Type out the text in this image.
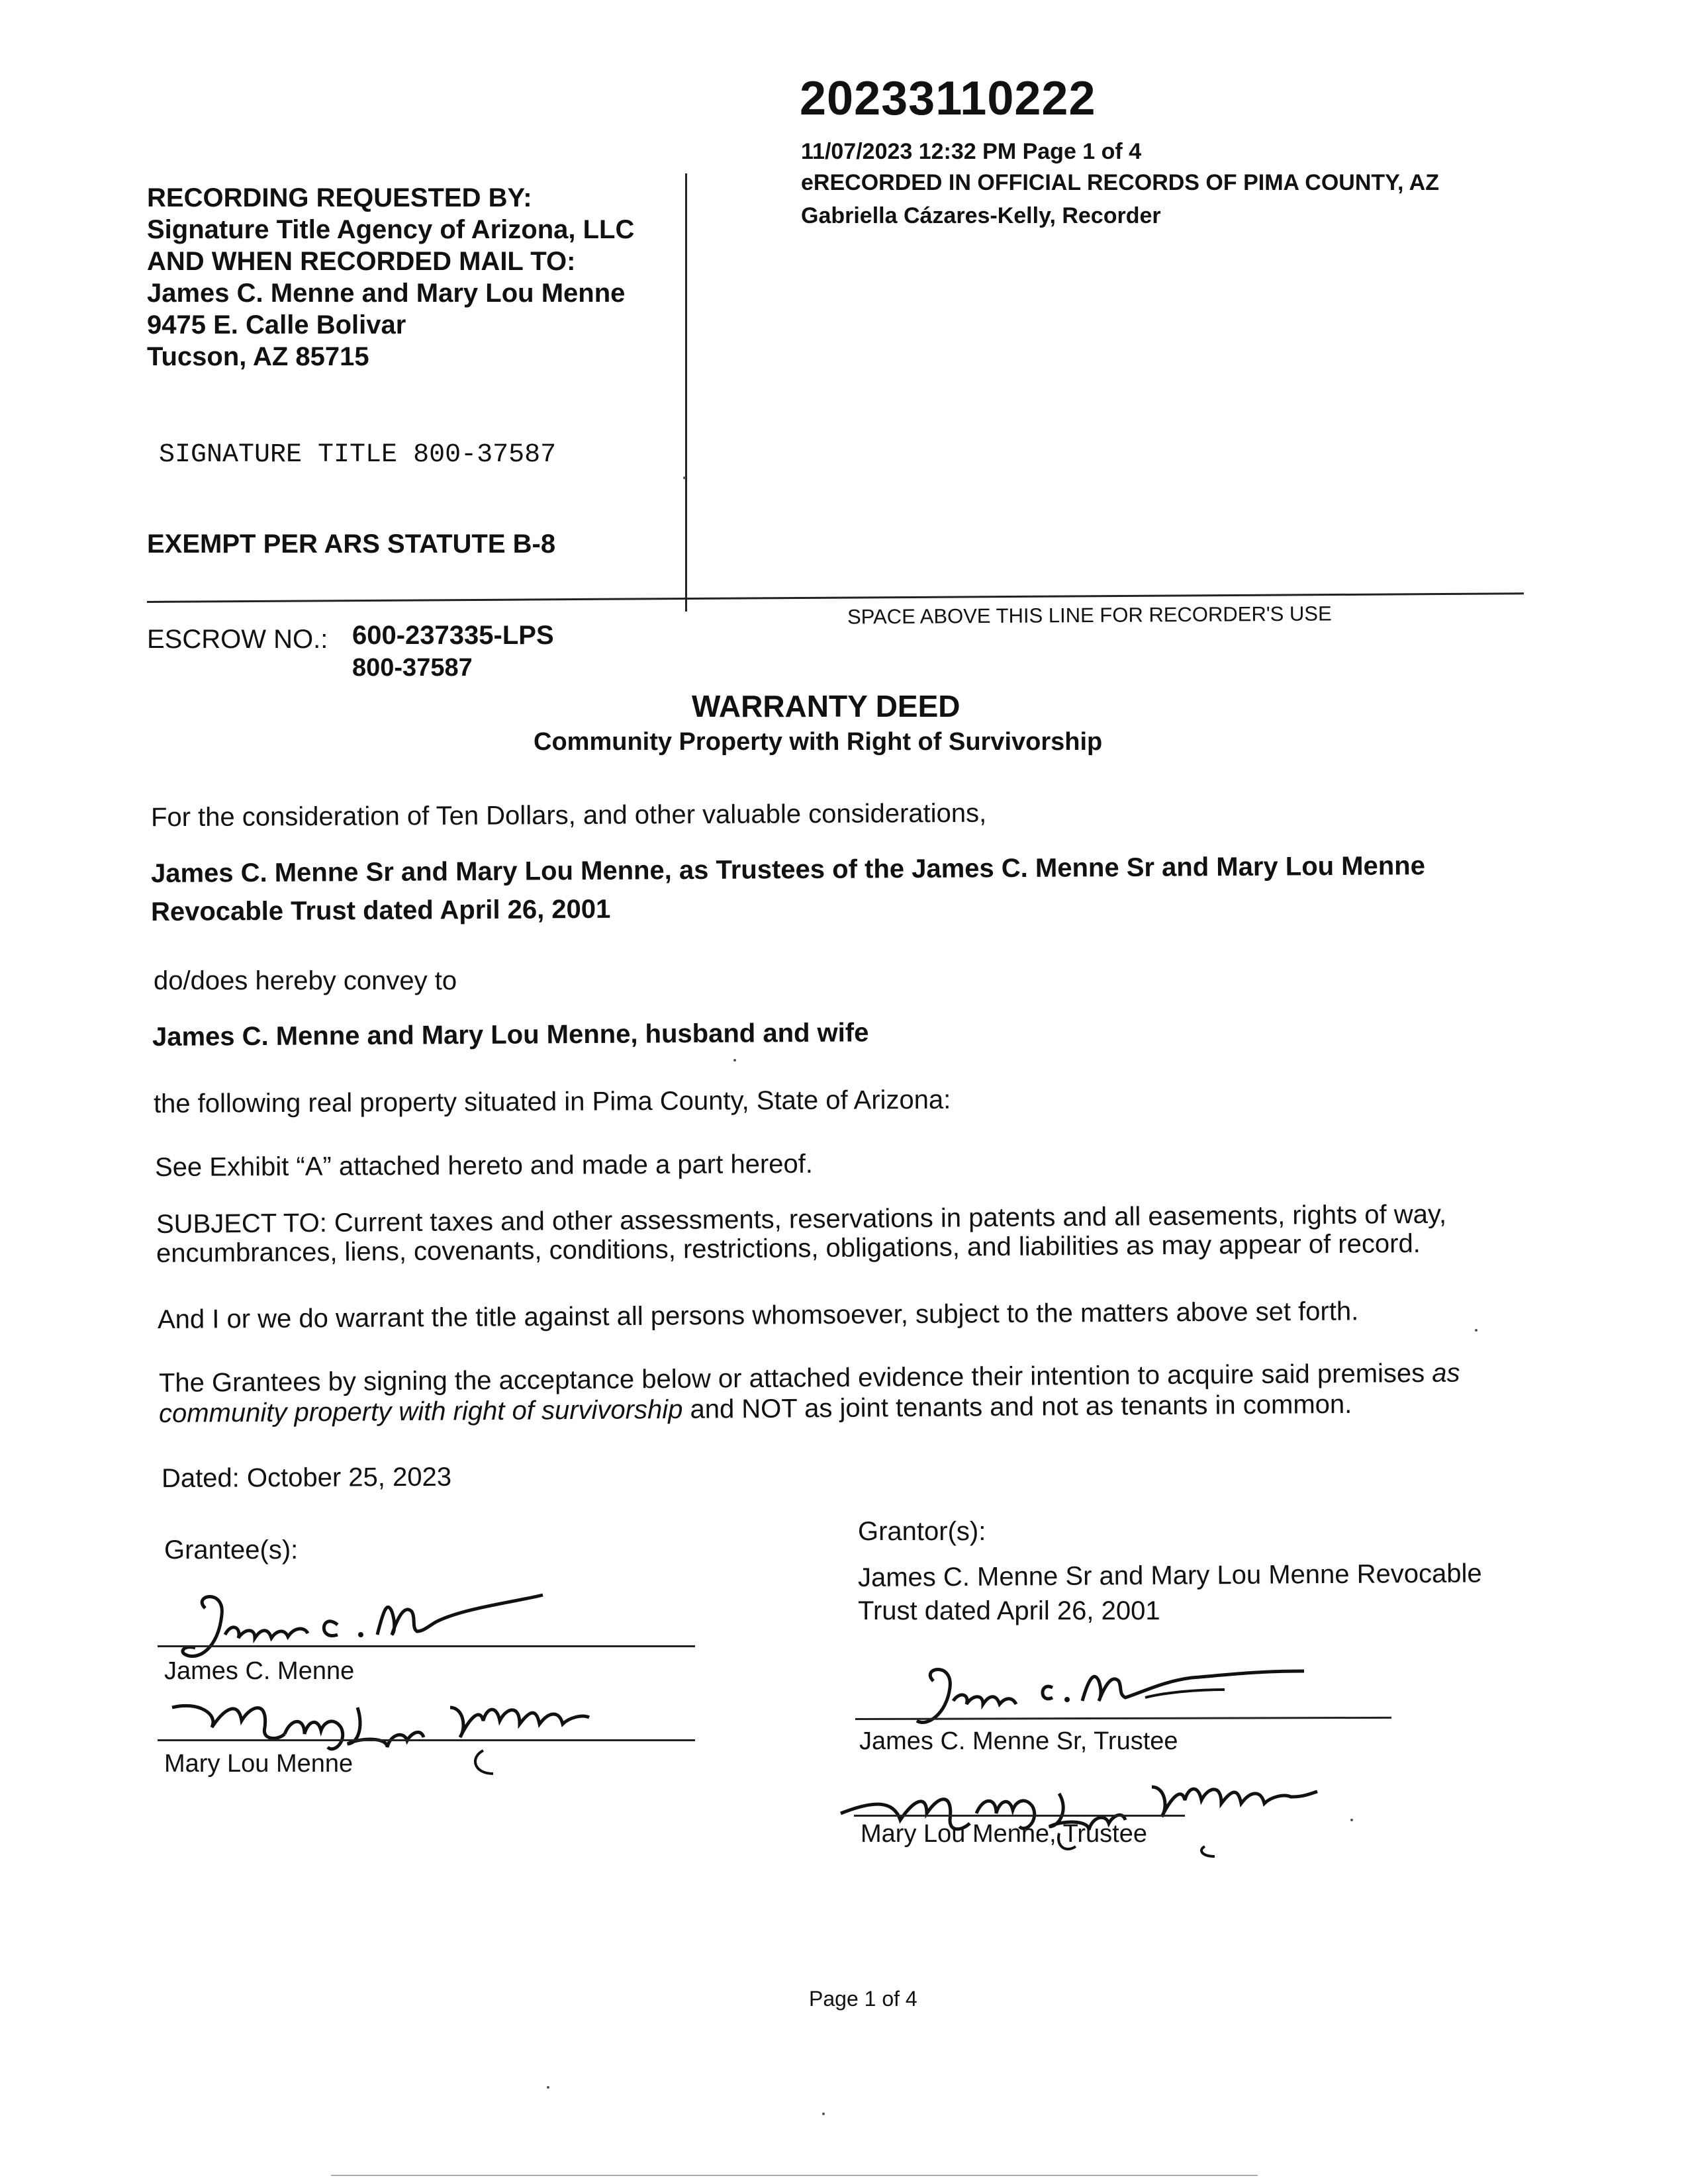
20233110222
11/07/2023 12:32 PM Page 1 of 4
eRECORDED IN OFFICIAL RECORDS OF PIMA COUNTY, AZ
Gabriella Cázares-Kelly, Recorder
RECORDING REQUESTED BY:
Signature Title Agency of Arizona, LLC
AND WHEN RECORDED MAIL TO:
James C. Menne and Mary Lou Menne
9475 E. Calle Bolivar
Tucson, AZ 85715
SIGNATURE TITLE 800-37587
EXEMPT PER ARS STATUTE B-8
SPACE ABOVE THIS LINE FOR RECORDER'S USE
ESCROW NO.: 600-237335-LPS
800-37587
WARRANTY DEED
Community Property with Right of Survivorship
For the consideration of Ten Dollars, and other valuable considerations,
James C. Menne Sr and Mary Lou Menne, as Trustees of the James C. Menne Sr and Mary Lou Menne
Revocable Trust dated April 26, 2001
do/does hereby convey to
James C. Menne and Mary Lou Menne, husband and wife
the following real property situated in Pima County, State of Arizona:
See Exhibit “A” attached hereto and made a part hereof.
SUBJECT TO: Current taxes and other assessments, reservations in patents and all easements, rights of way,
encumbrances, liens, covenants, conditions, restrictions, obligations, and liabilities as may appear of record.
And I or we do warrant the title against all persons whomsoever, subject to the matters above set forth.
The Grantees by signing the acceptance below or attached evidence their intention to acquire said premises as
community property with right of survivorship and NOT as joint tenants and not as tenants in common.
Dated: October 25, 2023
Grantee(s):
James C. Menne
Mary Lou Menne
Grantor(s):
James C. Menne Sr and Mary Lou Menne Revocable
Trust dated April 26, 2001
James C. Menne Sr, Trustee
Mary Lou Menne, Trustee
Page 1 of 4
